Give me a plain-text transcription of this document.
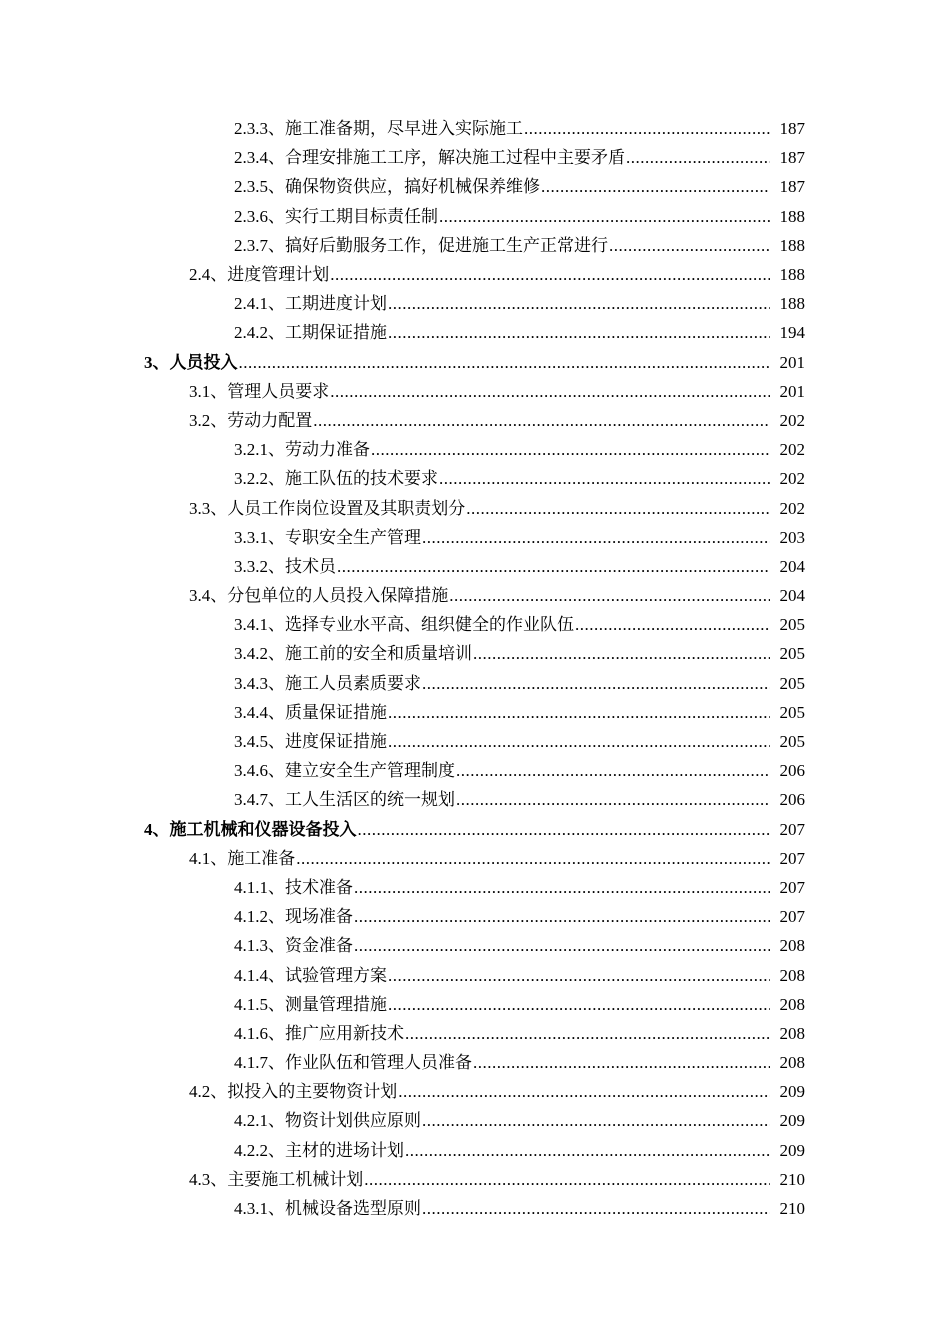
2.3.3、施工准备期，尽早进入实际施工 .....	187
2.3.4、合理安排施工工序，解决施工过程中主要矛盾 .....	187
2.3.5、确保物资供应，搞好机械保养维修 .....	187
2.3.6、实行工期目标责任制 .....	188
2.3.7、搞好后勤服务工作，促进施工生产正常进行 .....	188
2.4、进度管理计划 .....	188
2.4.1、工期进度计划 .....	188
2.4.2、工期保证措施 .....	194
3、人员投入 .....	201
3.1、管理人员要求 .....	201
3.2、劳动力配置 .....	202
3.2.1、劳动力准备 .....	202
3.2.2、施工队伍的技术要求 .....	202
3.3、人员工作岗位设置及其职责划分 .....	202
3.3.1、专职安全生产管理 .....	203
3.3.2、技术员 .....	204
3.4、分包单位的人员投入保障措施 .....	204
3.4.1、选择专业水平高、组织健全的作业队伍 .....	205
3.4.2、施工前的安全和质量培训 .....	205
3.4.3、施工人员素质要求 .....	205
3.4.4、质量保证措施 .....	205
3.4.5、进度保证措施 .....	205
3.4.6、建立安全生产管理制度 .....	206
3.4.7、工人生活区的统一规划 .....	206
4、施工机械和仪器设备投入 .....	207
4.1、施工准备 .....	207
4.1.1、技术准备 .....	207
4.1.2、现场准备 .....	207
4.1.3、资金准备 .....	208
4.1.4、试验管理方案 .....	208
4.1.5、测量管理措施 .....	208
4.1.6、推广应用新技术 .....	208
4.1.7、作业队伍和管理人员准备 .....	208
4.2、拟投入的主要物资计划 .....	209
4.2.1、物资计划供应原则 .....	209
4.2.2、主材的进场计划 .....	209
4.3、主要施工机械计划 .....	210
4.3.1、机械设备选型原则 .....	210
